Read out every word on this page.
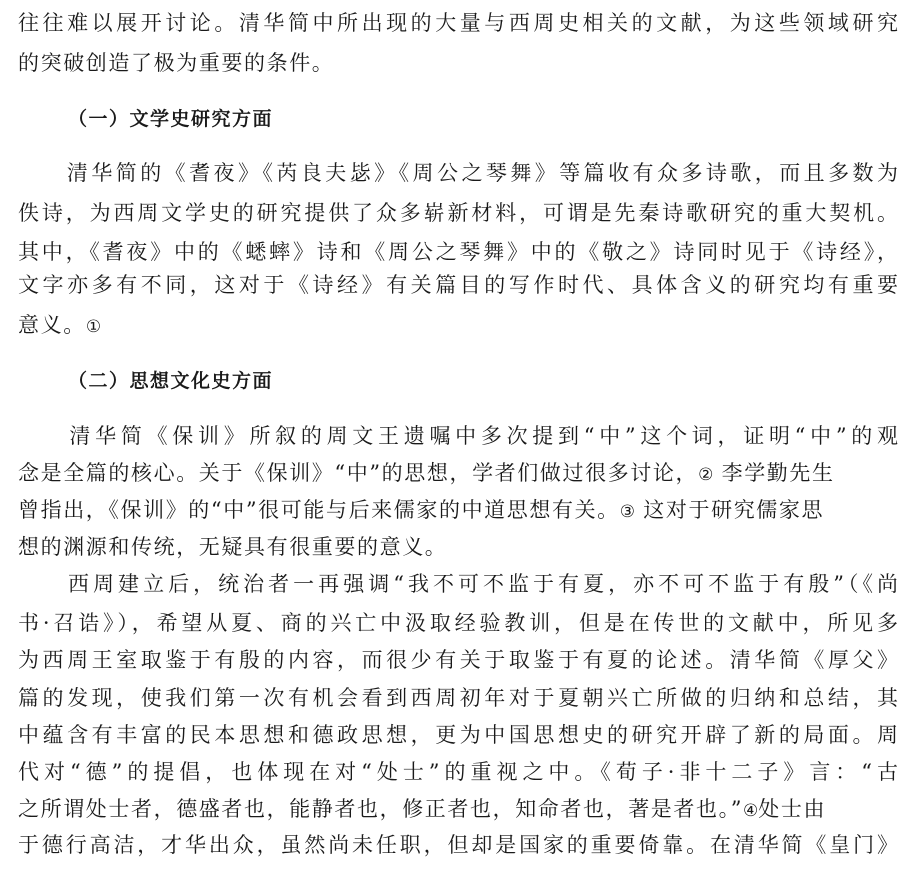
往往难以展开讨论。清华简中所出现的大量与西周史相关的文献，为这些领域研究
的突破创造了极为重要的条件。
（一）文学史研究方面
　　清华简的《耆夜》《芮良夫毖》《周公之琴舞》等篇收有众多诗歌，而且多数为
佚诗，为西周文学史的研究提供了众多崭新材料，可谓是先秦诗歌研究的重大契机。
其中，《耆夜》中的《蟋蟀》诗和《周公之琴舞》中的《敬之》诗同时见于《诗经》，
文字亦多有不同，这对于《诗经》有关篇目的写作时代、具体含义的研究均有重要
意义。①
（二）思想文化史方面
　　清华简《保训》所叙的周文王遗嘱中多次提到“中”这个词，证明“中”的观
念是全篇的核心。关于《保训》“中”的思想，学者们做过很多讨论，② 李学勤先生
曾指出，《保训》的“中”很可能与后来儒家的中道思想有关。③ 这对于研究儒家思
想的渊源和传统，无疑具有很重要的意义。
　　西周建立后，统治者一再强调“我不可不监于有夏，亦不可不监于有殷”（《尚
书·召诰》），希望从夏、商的兴亡中汲取经验教训，但是在传世的文献中，所见多
为西周王室取鉴于有殷的内容，而很少有关于取鉴于有夏的论述。清华简《厚父》
篇的发现，使我们第一次有机会看到西周初年对于夏朝兴亡所做的归纳和总结，其
中蕴含有丰富的民本思想和德政思想，更为中国思想史的研究开辟了新的局面。周
代对“德”的提倡，也体现在对“处士”的重视之中。《荀子·非十二子》言：“古
之所谓处士者，德盛者也，能静者也，修正者也，知命者也，著是者也。”④处士由
于德行高洁，才华出众，虽然尚未任职，但却是国家的重要倚靠。在清华简《皇门》
